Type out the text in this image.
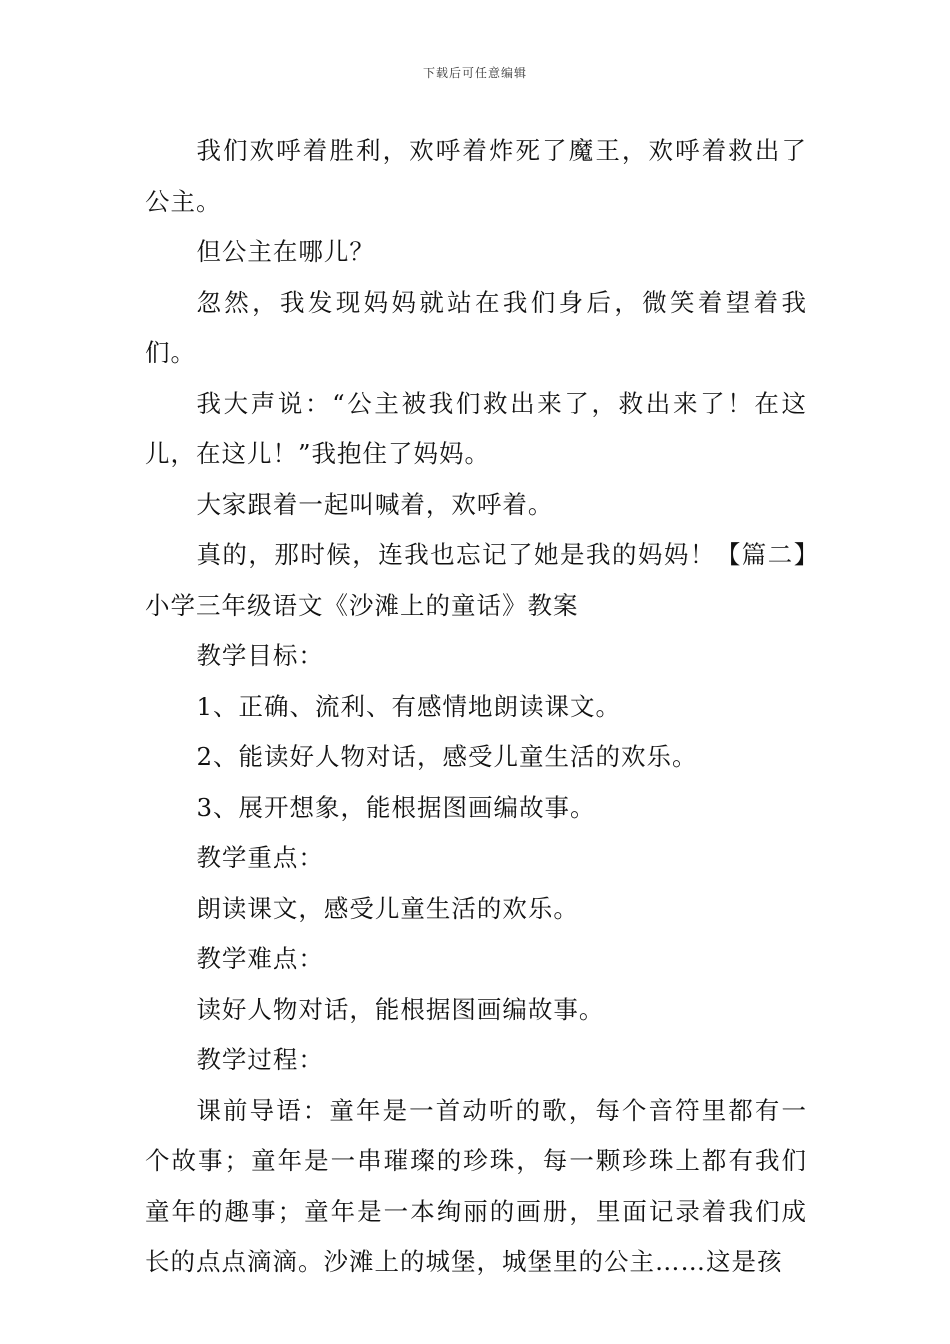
下载后可任意编辑

我们欢呼着胜利，欢呼着炸死了魔王，欢呼着救出了公主。

但公主在哪儿？

忽然，我发现妈妈就站在我们身后，微笑着望着我们。

我大声说：“公主被我们救出来了，救出来了！在这儿，在这儿！”我抱住了妈妈。

大家跟着一起叫喊着，欢呼着。

真的，那时候，连我也忘记了她是我的妈妈！【篇二】小学三年级语文《沙滩上的童话》教案

教学目标：

1、正确、流利、有感情地朗读课文。

2、能读好人物对话，感受儿童生活的欢乐。

3、展开想象，能根据图画编故事。

教学重点：

朗读课文，感受儿童生活的欢乐。

教学难点：

读好人物对话，能根据图画编故事。

教学过程：

课前导语：童年是一首动听的歌，每个音符里都有一个故事；童年是一串璀璨的珍珠，每一颗珍珠上都有我们童年的趣事；童年是一本绚丽的画册，里面记录着我们成长的点点滴滴。沙滩上的城堡，城堡里的公主……这是孩
